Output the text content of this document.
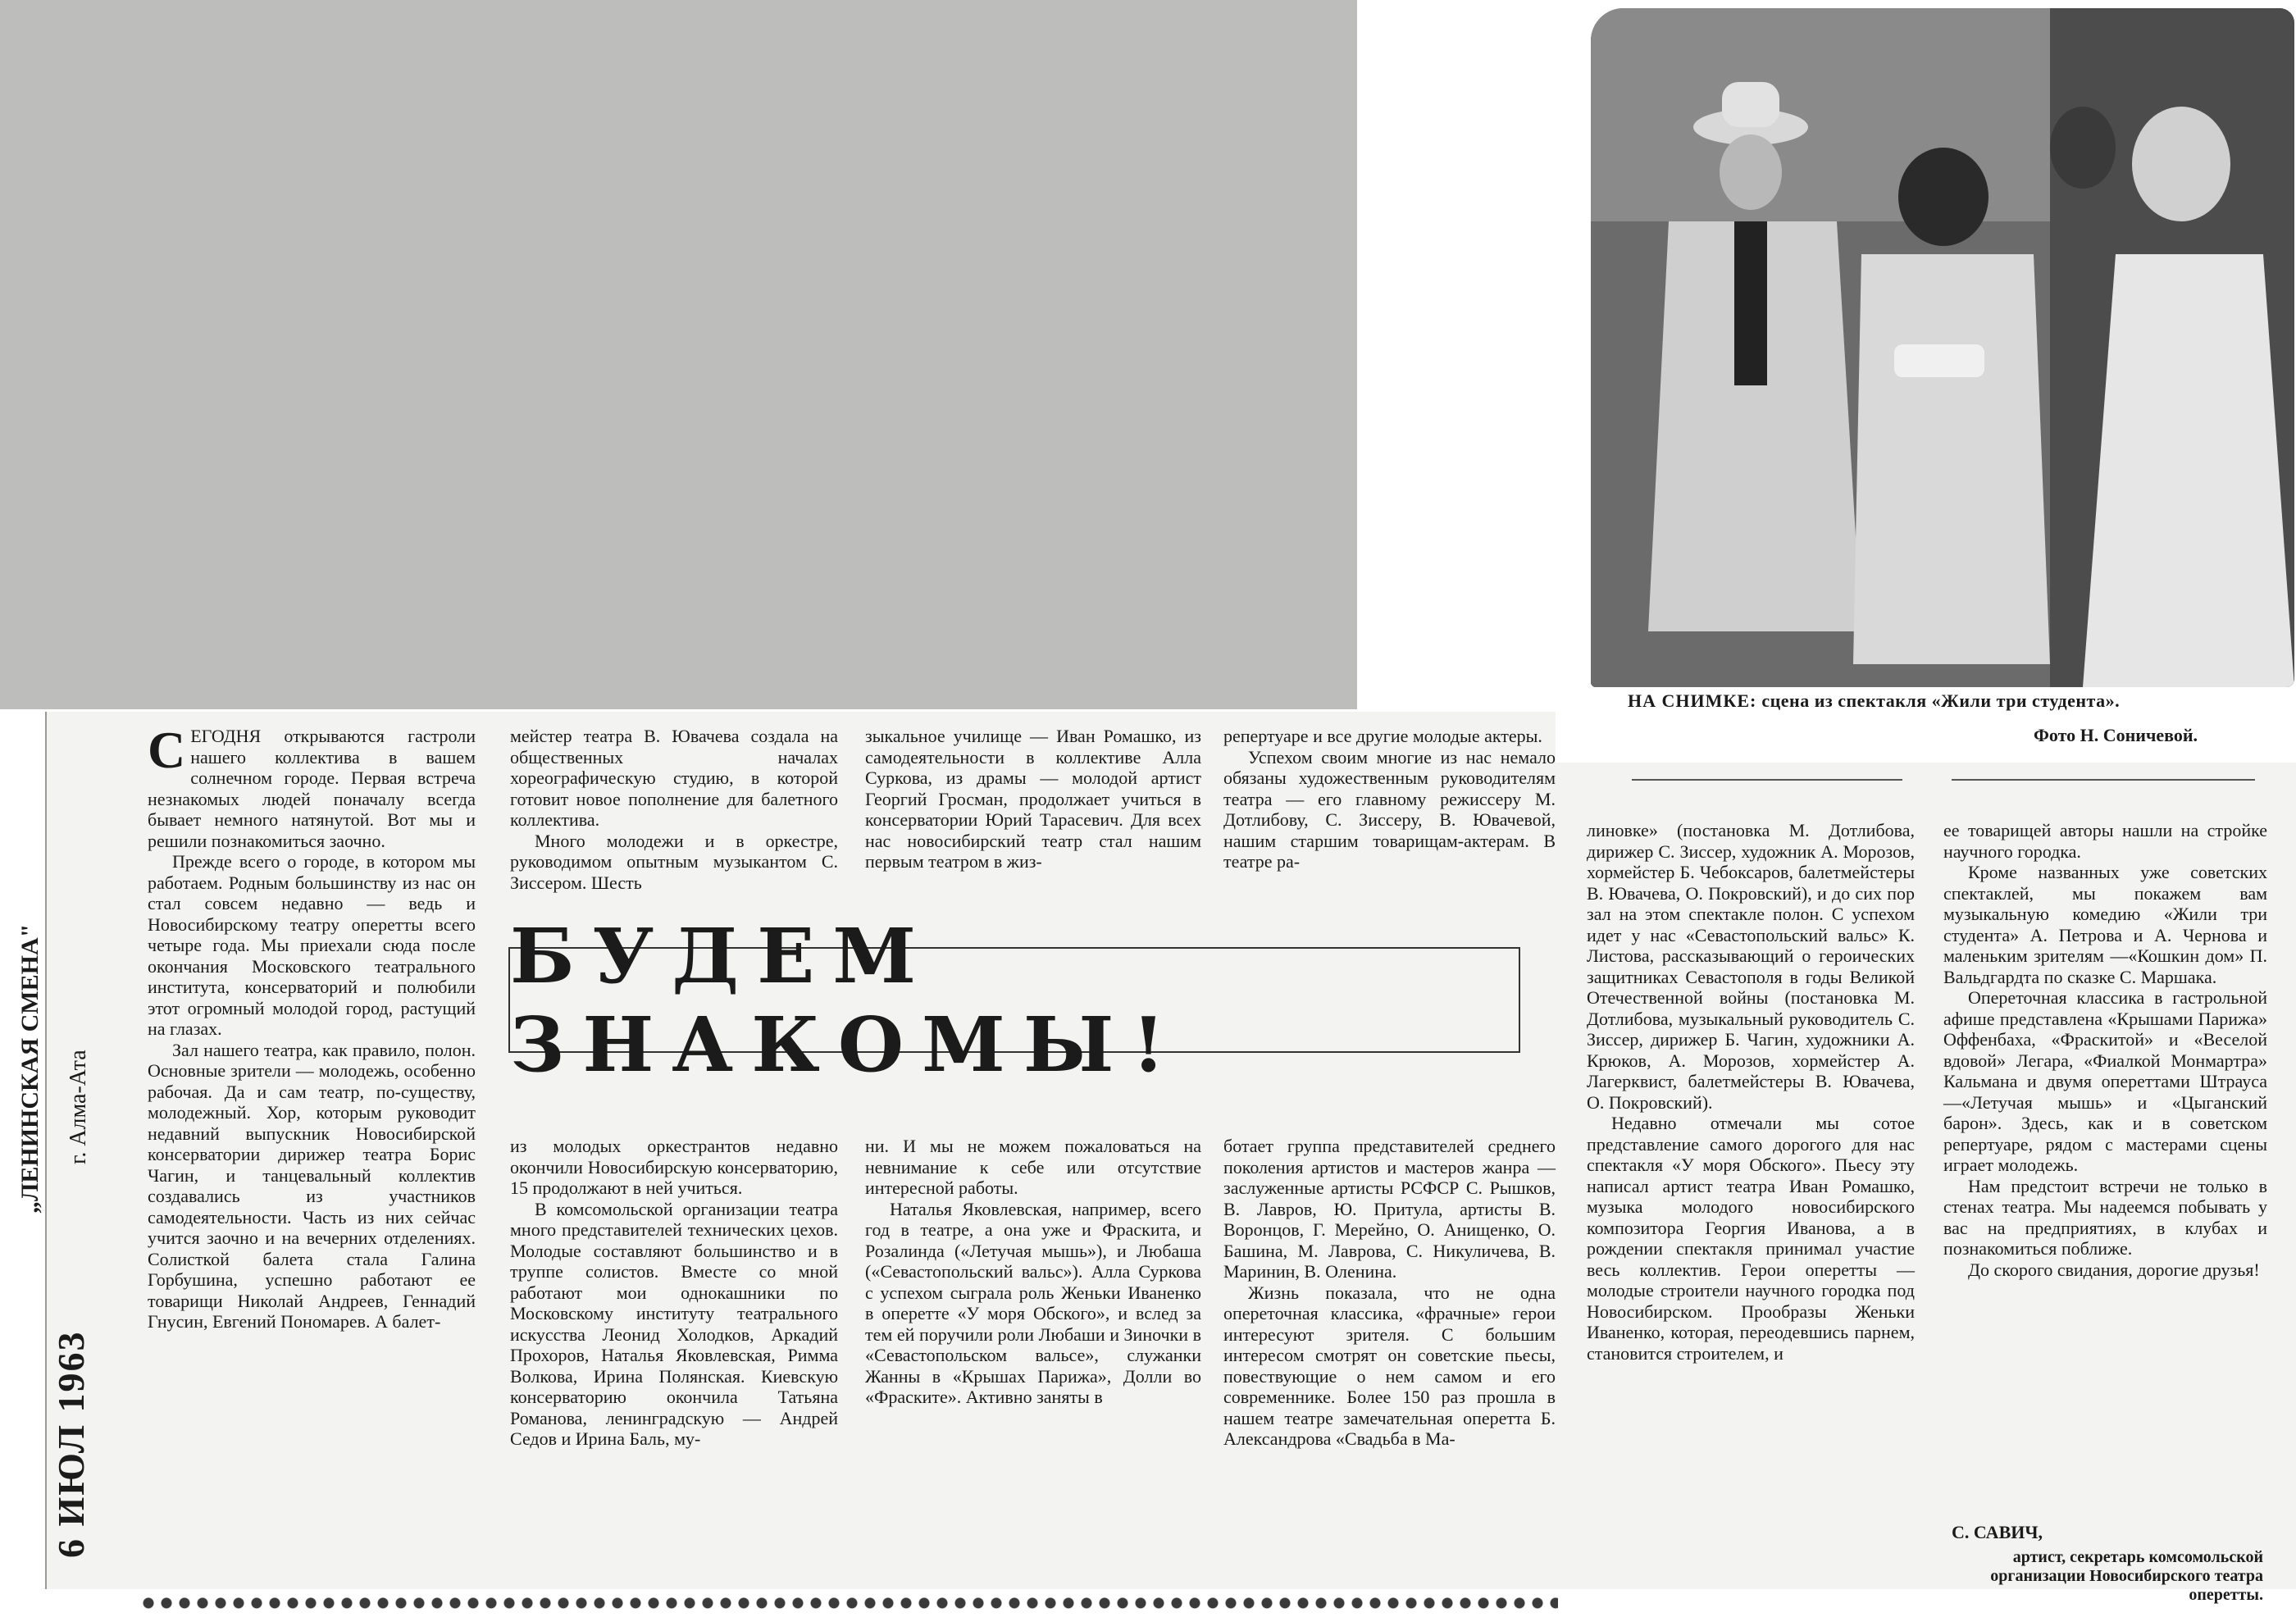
НА СНИМКЕ: сцена из спектакля «Жили три студента».
Фото Н. Соничевой.
„ЛЕНИНСКАЯ СМЕНА" г. Алма-Ата
6 ИЮЛ 1963

СЕГОДНЯ открываются гастроли нашего коллектива в вашем солнечном городе. Первая встреча незнакомых людей поначалу всегда бывает немного натянутой. Вот мы и решили познакомиться заочно.

Прежде всего о городе, в котором мы работаем. Родным большинству из нас он стал совсем недавно — ведь и Новосибирскому театру оперетты всего четыре года. Мы приехали сюда после окончания Московского театрального института, консерваторий и полюбили этот огромный молодой город, растущий на глазах.

Зал нашего театра, как правило, полон. Основные зрители — молодежь, особенно рабочая. Да и сам театр, по-существу, молодежный. Хор, которым руководит недавний выпускник Новосибирской консерватории дирижер театра Борис Чагин, и танцевальный коллектив создавались из участников самодеятельности. Часть из них сейчас учится заочно и на вечерних отделениях. Солисткой балета стала Галина Горбушина, успешно работают ее товарищи Николай Андреев, Геннадий Гнусин, Евгений Пономарев. А балет-

мейстер театра В. Ювачева создала на общественных началах хореографическую студию, в которой готовит новое пополнение для балетного коллектива.

Много молодежи и в оркестре, руководимом опытным музыкантом С. Зиссером. Шесть

зыкальное училище — Иван Ромашко, из самодеятельности в коллективе Алла Суркова, из драмы — молодой артист Георгий Гросман, продолжает учиться в консерватории Юрий Тарасевич. Для всех нас новосибирский театр стал нашим первым театром в жиз-

репертуаре и все другие молодые актеры.

Успехом своим многие из нас немало обязаны художественным руководителям театра — его главному режиссеру М. Дотлибову, С. Зиссеру, В. Ювачевой, нашим старшим товарищам-актерам. В театре ра-

БУДЕМ ЗНАКОМЫ!

из молодых оркестрантов недавно окончили Новосибирскую консерваторию, 15 продолжают в ней учиться.

В комсомольской организации театра много представителей технических цехов. Молодые составляют большинство и в труппе солистов. Вместе со мной работают мои однокашники по Московскому институту театрального искусства Леонид Холодков, Аркадий Прохоров, Наталья Яковлевская, Римма Волкова, Ирина Полянская. Киевскую консерваторию окончила Татьяна Романова, ленинградскую — Андрей Седов и Ирина Баль, му-

ни. И мы не можем пожаловаться на невнимание к себе или отсутствие интересной работы.

Наталья Яковлевская, например, всего год в театре, а она уже и Фраскита, и Розалинда («Летучая мышь»), и Любаша («Севастопольский вальс»). Алла Суркова с успехом сыграла роль Женьки Иваненко в оперетте «У моря Обского», и вслед за тем ей поручили роли Любаши и Зиночки в «Севастопольском вальсе», служанки Жанны в «Крышах Парижа», Долли во «Фраските». Активно заняты в

ботает группа представителей среднего поколения артистов и мастеров жанра — заслуженные артисты РСФСР С. Рышков, В. Лавров, Ю. Притула, артисты В. Воронцов, Г. Мерейно, О. Анищенко, О. Башина, М. Лаврова, С. Никуличева, В. Маринин, В. Оленина.

Жизнь показала, что не одна опереточная классика, «фрачные» герои интересуют зрителя. С большим интересом смотрят он советские пьесы, повествующие о нем самом и его современнике. Более 150 раз прошла в нашем театре замечательная оперетта Б. Александрова «Свадьба в Ма-

линовке» (постановка М. Дотлибова, дирижер С. Зиссер, художник А. Морозов, хормейстер Б. Чебоксаров, балетмейстеры В. Ювачева, О. Покровский), и до сих пор зал на этом спектакле полон. С успехом идет у нас «Севастопольский вальс» К. Листова, рассказывающий о героических защитниках Севастополя в годы Великой Отечественной войны (постановка М. Дотлибова, музыкальный руководитель С. Зиссер, дирижер Б. Чагин, художники А. Крюков, А. Морозов, хормейстер А. Лагерквист, балетмейстеры В. Ювачева, О. Покровский).

Недавно отмечали мы сотое представление самого дорогого для нас спектакля «У моря Обского». Пьесу эту написал артист театра Иван Ромашко, музыка молодого новосибирского композитора Георгия Иванова, а в рождении спектакля принимал участие весь коллектив. Герои оперетты — молодые строители научного городка под Новосибирском. Прообразы Женьки Иваненко, которая, переодевшись парнем, становится строителем, и

ее товарищей авторы нашли на стройке научного городка.

Кроме названных уже советских спектаклей, мы покажем вам музыкальную комедию «Жили три студента» А. Петрова и А. Чернова и маленьким зрителям —«Кошкин дом» П. Вальдгардта по сказке С. Маршака.

Опереточная классика в гастрольной афише представлена «Крышами Парижа» Оффенбаха, «Фраскитой» и «Веселой вдовой» Легара, «Фиалкой Монмартра» Кальмана и двумя опереттами Штрауса —«Летучая мышь» и «Цыганский барон». Здесь, как и в советском репертуаре, рядом с мастерами сцены играет молодежь.

Нам предстоит встречи не только в стенах театра. Мы надеемся побывать у вас на предприятиях, в клубах и познакомиться поближе.

До скорого свидания, дорогие друзья!

С. САВИЧ,
артист, секретарь комсомольской организации Новосибирского театра оперетты.
